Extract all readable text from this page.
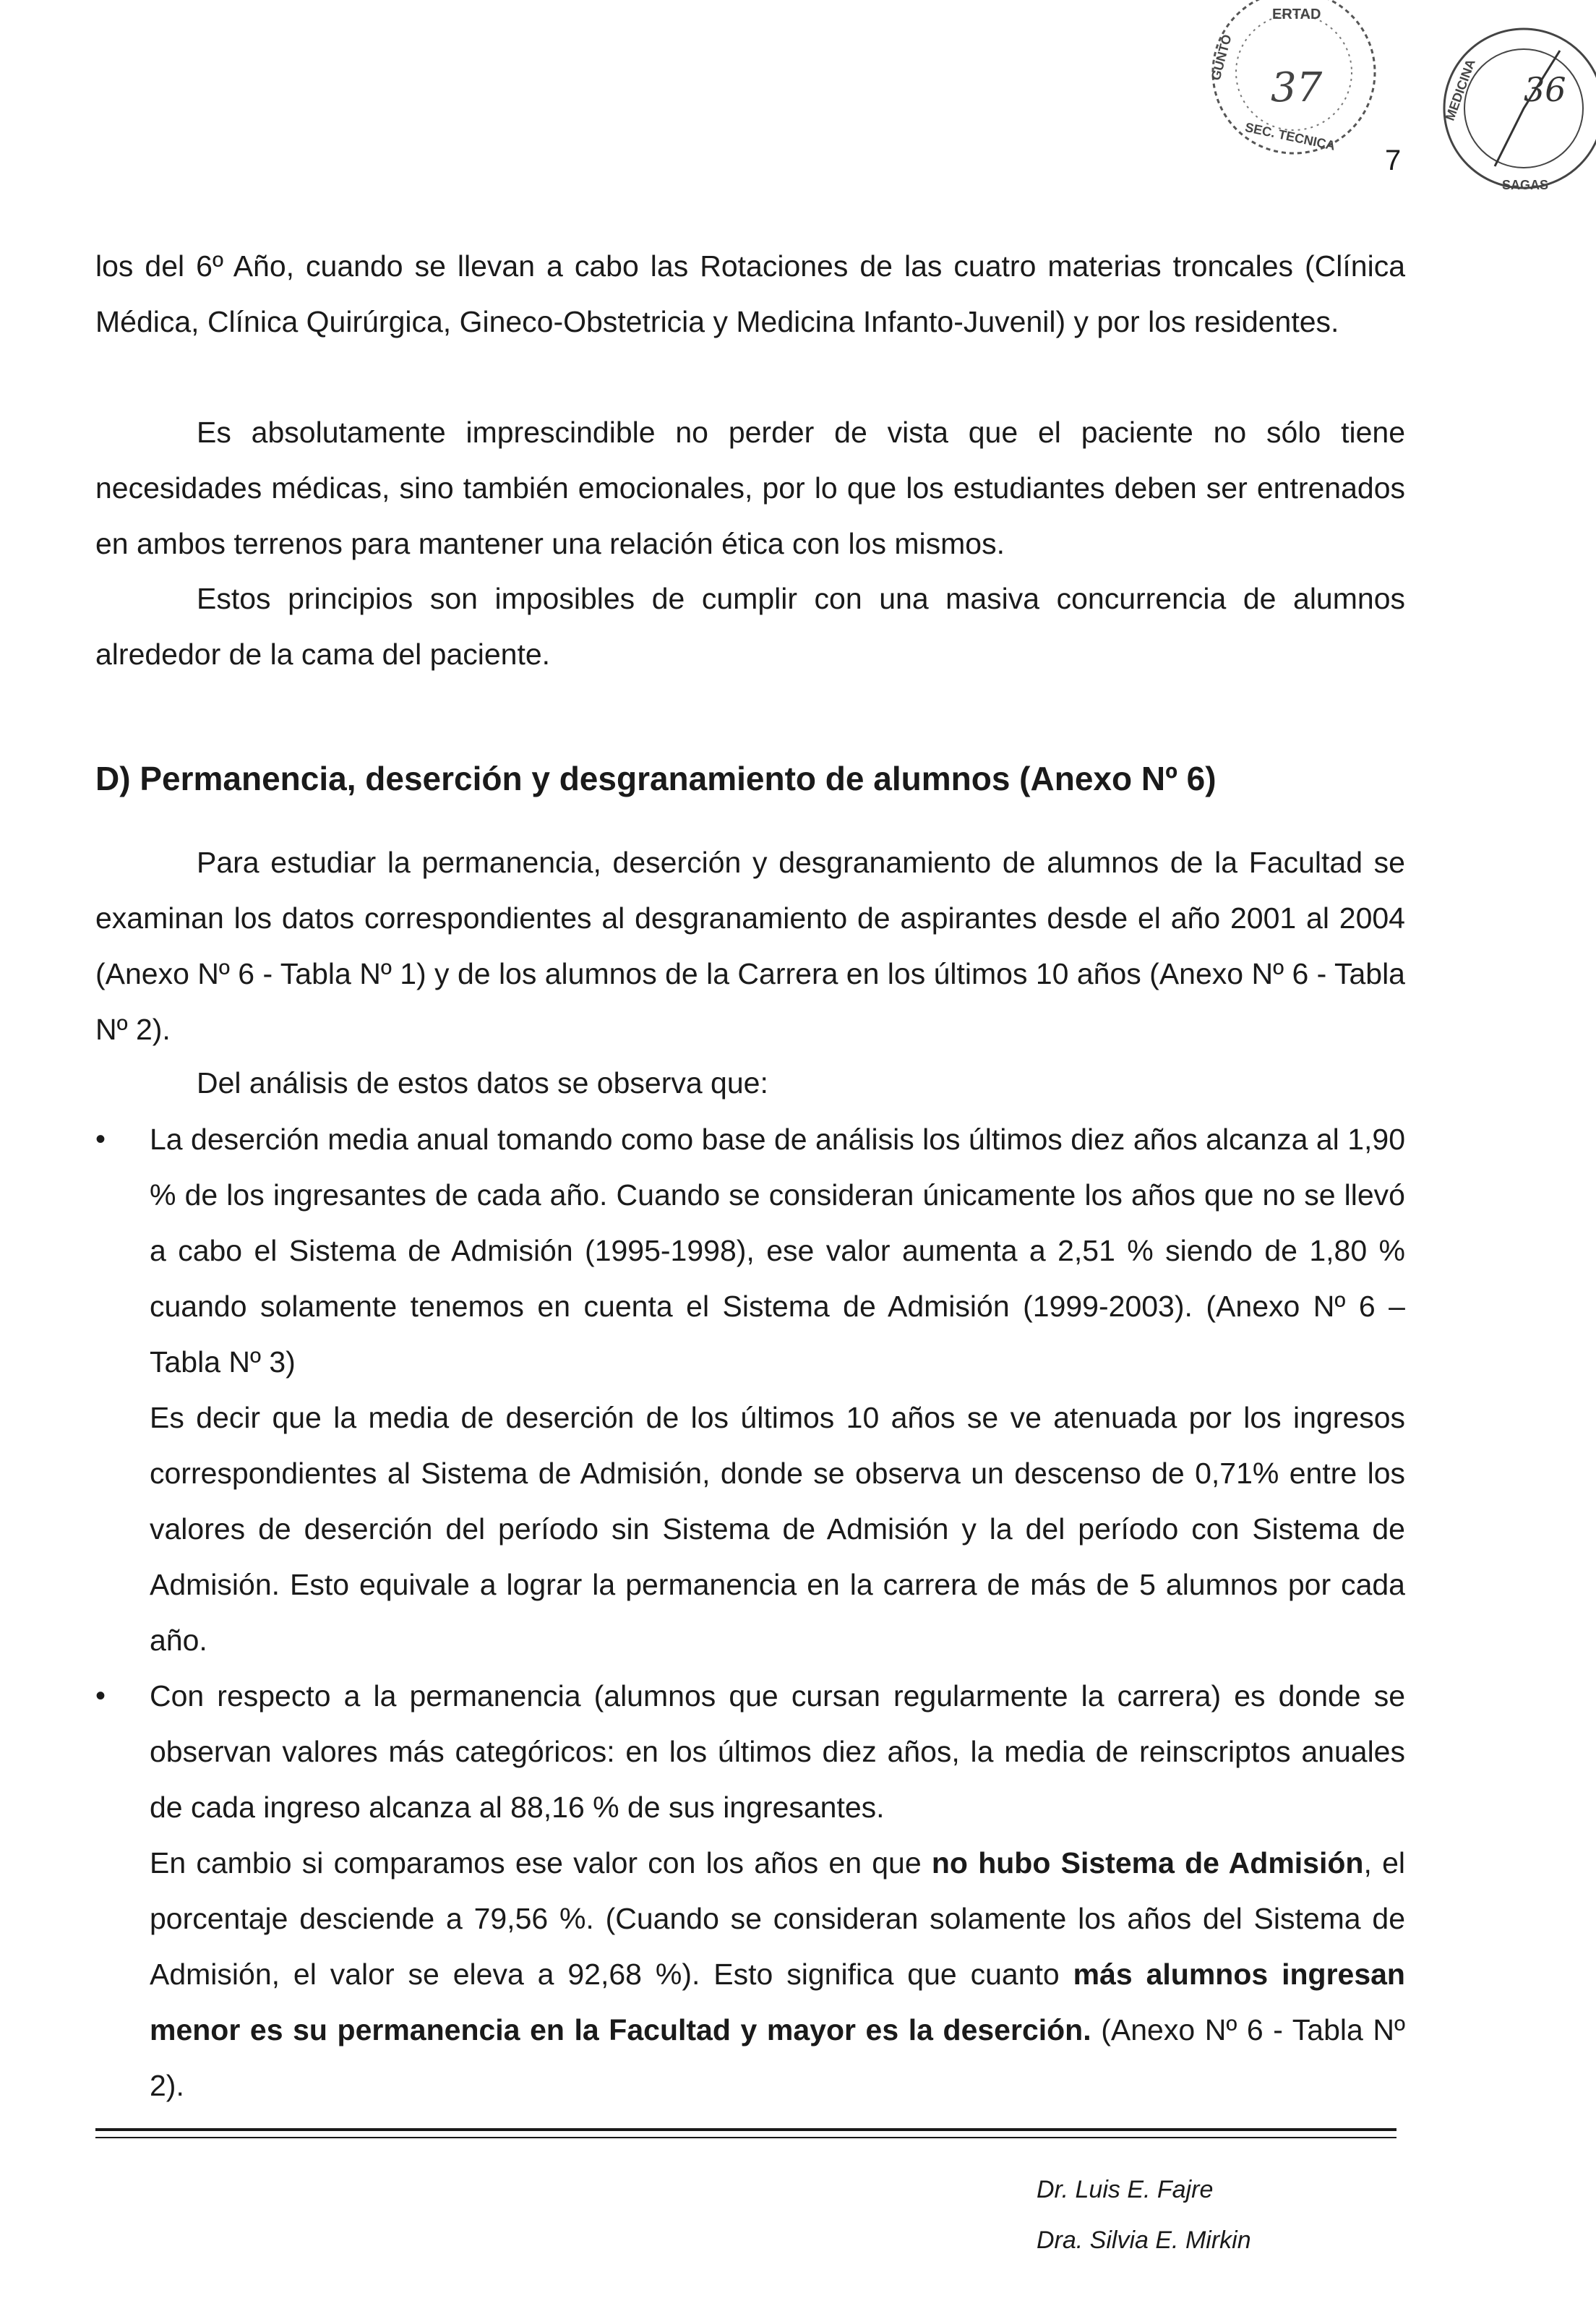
37
ERTAD
GUNTO
SEC. TECNICA
36
MEDICINA
SAGAS
7

los del 6º Año, cuando se llevan a cabo las Rotaciones de las cuatro materias troncales (Clínica Médica, Clínica Quirúrgica, Gineco-Obstetricia y Medicina Infanto-Juvenil) y por los residentes.

Es absolutamente imprescindible no perder de vista que el paciente no sólo tiene necesidades médicas, sino también emocionales, por lo que los estudiantes deben ser entrenados en ambos terrenos para mantener una relación ética con los mismos.

Estos principios son imposibles de cumplir con una masiva concurrencia de alumnos alrededor de la cama del paciente.

D) Permanencia, deserción y desgranamiento de alumnos (Anexo Nº 6)

Para estudiar la permanencia, deserción y desgranamiento de alumnos de la Facultad se examinan los datos correspondientes al desgranamiento de aspirantes desde el año 2001 al 2004 (Anexo Nº 6 - Tabla Nº 1) y de los alumnos de la Carrera en los últimos 10 años (Anexo Nº 6 - Tabla Nº 2).

Del análisis de estos datos se observa que:

• La deserción media anual tomando como base de análisis los últimos diez años alcanza al 1,90 % de los ingresantes de cada año. Cuando se consideran únicamente los años que no se llevó a cabo el Sistema de Admisión (1995-1998), ese valor aumenta a 2,51 % siendo de 1,80 % cuando solamente tenemos en cuenta el Sistema de Admisión (1999-2003). (Anexo Nº 6 – Tabla Nº 3)

Es decir que la media de deserción de los últimos 10 años se ve atenuada por los ingresos correspondientes al Sistema de Admisión, donde se observa un descenso de 0,71% entre los valores de deserción del período sin Sistema de Admisión y la del período con Sistema de Admisión. Esto equivale a lograr la permanencia en la carrera de más de 5 alumnos por cada año.

• Con respecto a la permanencia (alumnos que cursan regularmente la carrera) es donde se observan valores más categóricos: en los últimos diez años, la media de reinscriptos anuales de cada ingreso alcanza al 88,16 % de sus ingresantes.

En cambio si comparamos ese valor con los años en que no hubo Sistema de Admisión, el porcentaje desciende a 79,56 %. (Cuando se consideran solamente los años del Sistema de Admisión, el valor se eleva a 92,68 %). Esto significa que cuanto más alumnos ingresan menor es su permanencia en la Facultad y mayor es la deserción. (Anexo Nº 6 - Tabla Nº 2).

Dr. Luis E. Fajre
Dra. Silvia E. Mirkin
